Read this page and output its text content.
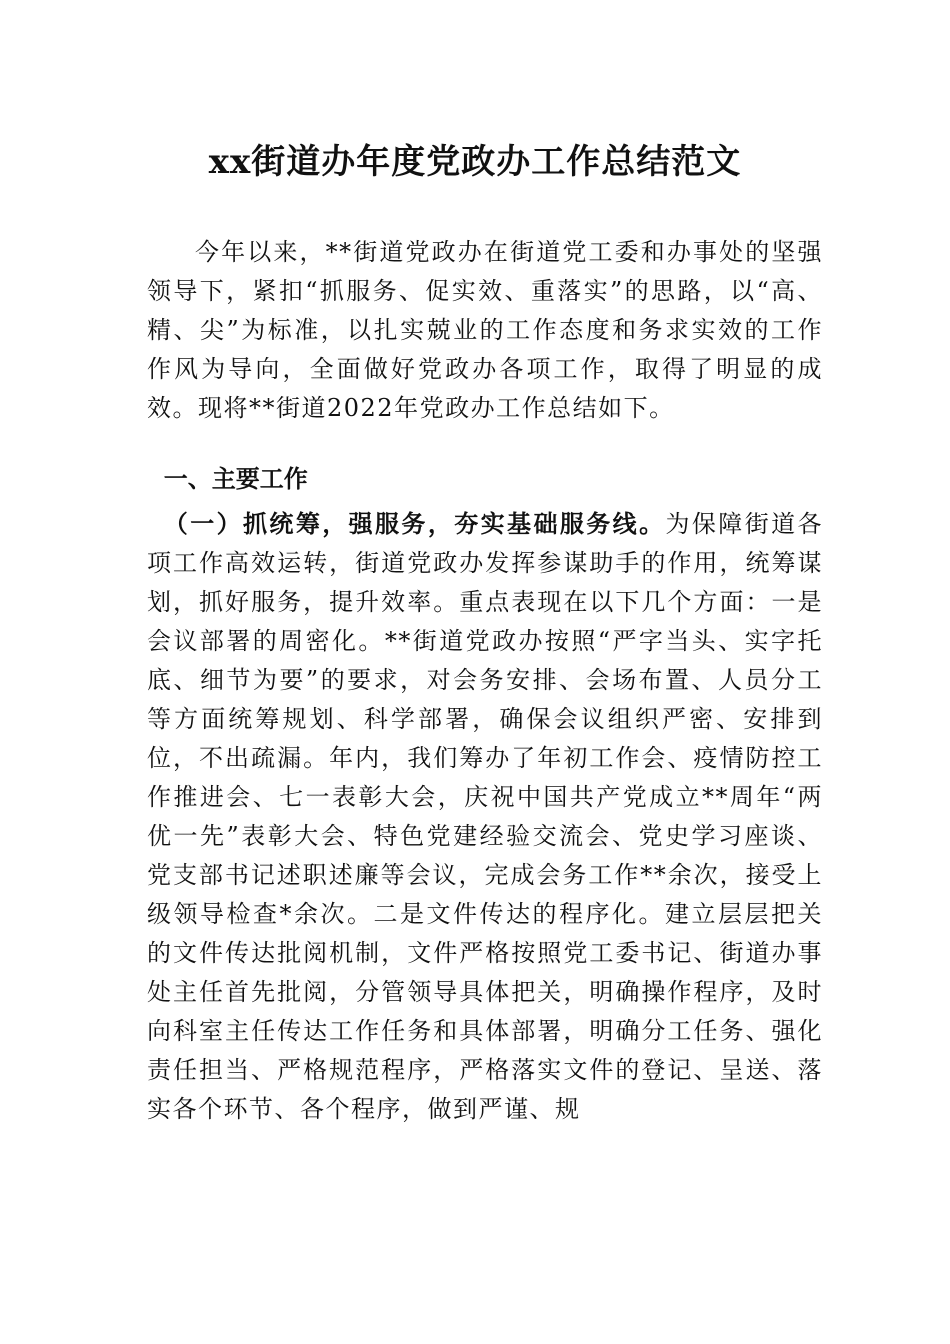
xx街道办年度党政办工作总结范文

今年以来，**街道党政办在街道党工委和办事处的坚强领导下，紧扣“抓服务、促实效、重落实”的思路，以“高、精、尖”为标准，以扎实兢业的工作态度和务求实效的工作作风为导向，全面做好党政办各项工作，取得了明显的成效。现将**街道2022年党政办工作总结如下。

一、主要工作

（一）抓统筹，强服务，夯实基础服务线。为保障街道各项工作高效运转，街道党政办发挥参谋助手的作用，统筹谋划，抓好服务，提升效率。重点表现在以下几个方面：一是会议部署的周密化。**街道党政办按照“严字当头、实字托底、细节为要”的要求，对会务安排、会场布置、人员分工等方面统筹规划、科学部署，确保会议组织严密、安排到位，不出疏漏。年内，我们筹办了年初工作会、疫情防控工作推进会、七一表彰大会，庆祝中国共产党成立**周年“两优一先”表彰大会、特色党建经验交流会、党史学习座谈、党支部书记述职述廉等会议，完成会务工作**余次，接受上级领导检查*余次。二是文件传达的程序化。建立层层把关的文件传达批阅机制，文件严格按照党工委书记、街道办事处主任首先批阅，分管领导具体把关，明确操作程序，及时向科室主任传达工作任务和具体部署，明确分工任务、强化责任担当、严格规范程序，严格落实文件的登记、呈送、落实各个环节、各个程序，做到严谨、规
